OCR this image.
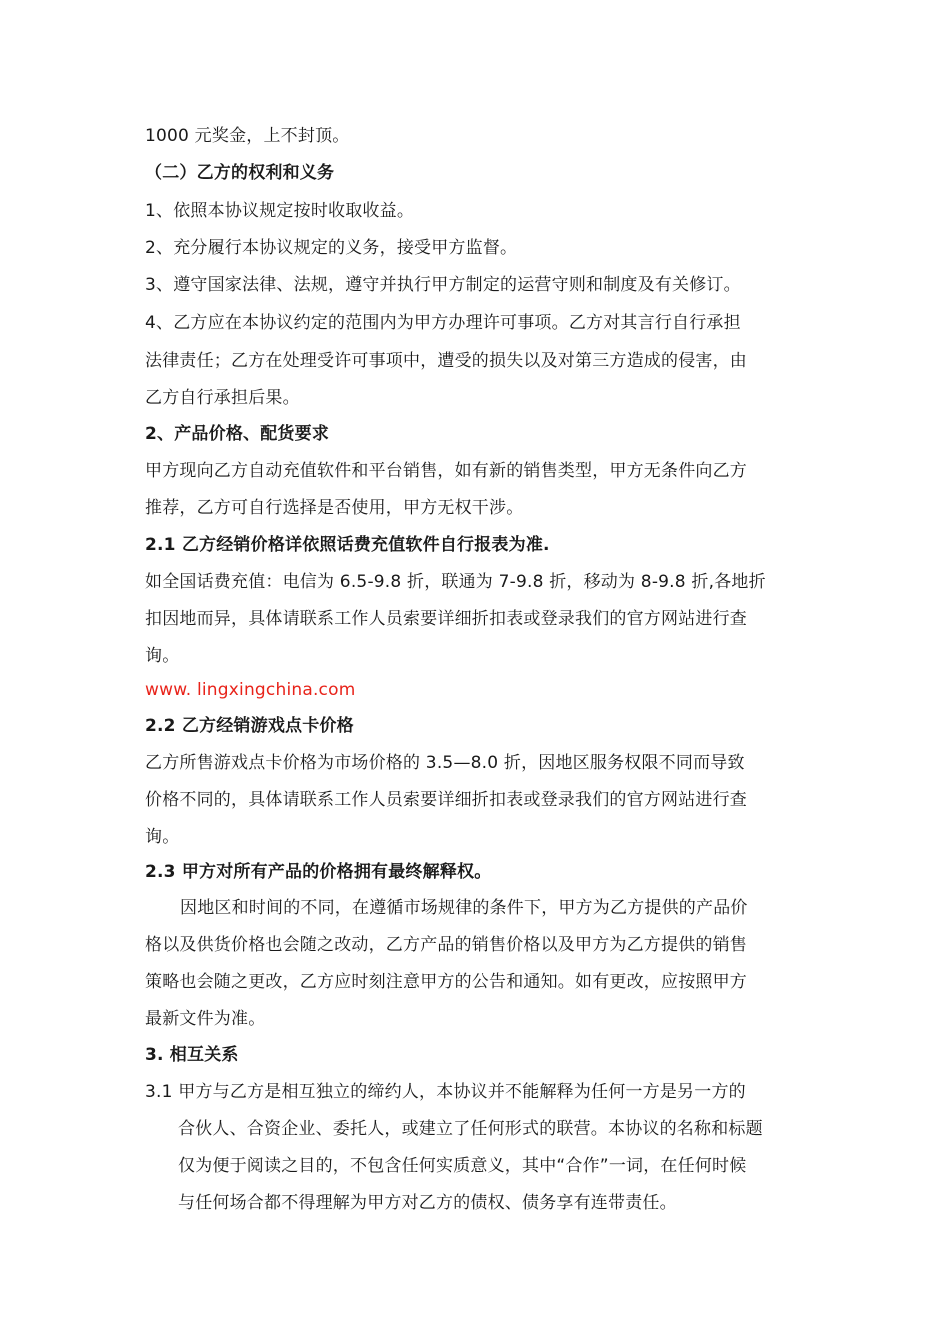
1000 元奖金，上不封顶。
（二）乙方的权利和义务
1、依照本协议规定按时收取收益。
2、充分履行本协议规定的义务，接受甲方监督。
3、遵守国家法律、法规，遵守并执行甲方制定的运营守则和制度及有关修订。
4、乙方应在本协议约定的范围内为甲方办理许可事项。乙方对其言行自行承担
法律责任；乙方在处理受许可事项中，遭受的损失以及对第三方造成的侵害，由
乙方自行承担后果。
2、产品价格、配货要求
甲方现向乙方自动充值软件和平台销售，如有新的销售类型，甲方无条件向乙方
推荐，乙方可自行选择是否使用，甲方无权干涉。
2.1 乙方经销价格详依照话费充值软件自行报表为准.
如全国话费充值：电信为 6.5-9.8 折，联通为 7-9.8 折，移动为 8-9.8 折,各地折
扣因地而异，具体请联系工作人员索要详细折扣表或登录我们的官方网站进行查
询。
www. lingxingchina.com
2.2 乙方经销游戏点卡价格
乙方所售游戏点卡价格为市场价格的 3.5—8.0 折，因地区服务权限不同而导致
价格不同的，具体请联系工作人员索要详细折扣表或登录我们的官方网站进行查
询。
2.3 甲方对所有产品的价格拥有最终解释权。
因地区和时间的不同，在遵循市场规律的条件下，甲方为乙方提供的产品价
格以及供货价格也会随之改动，乙方产品的销售价格以及甲方为乙方提供的销售
策略也会随之更改，乙方应时刻注意甲方的公告和通知。如有更改，应按照甲方
最新文件为准。
3. 相互关系
3.1 甲方与乙方是相互独立的缔约人，本协议并不能解释为任何一方是另一方的
合伙人、合资企业、委托人，或建立了任何形式的联营。本协议的名称和标题
仅为便于阅读之目的，不包含任何实质意义，其中“合作”一词，在任何时候
与任何场合都不得理解为甲方对乙方的债权、债务享有连带责任。
